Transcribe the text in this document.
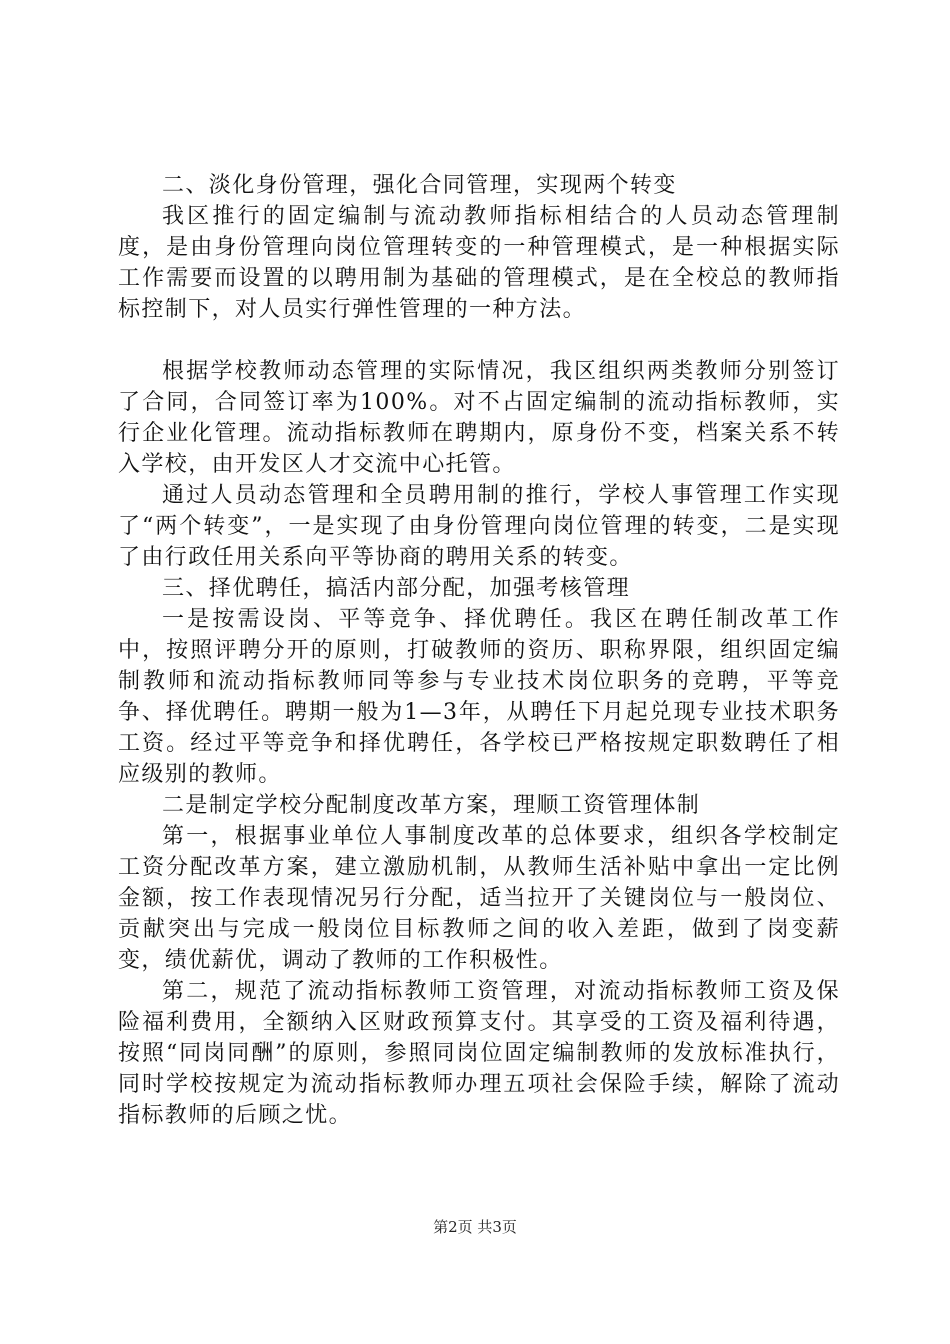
二、淡化身份管理，强化合同管理，实现两个转变

我区推行的固定编制与流动教师指标相结合的人员动态管理制度，是由身份管理向岗位管理转变的一种管理模式，是一种根据实际工作需要而设置的以聘用制为基础的管理模式，是在全校总的教师指标控制下，对人员实行弹性管理的一种方法。

根据学校教师动态管理的实际情况，我区组织两类教师分别签订了合同，合同签订率为100%。对不占固定编制的流动指标教师，实行企业化管理。流动指标教师在聘期内，原身份不变，档案关系不转入学校，由开发区人才交流中心托管。

通过人员动态管理和全员聘用制的推行，学校人事管理工作实现了“两个转变”，一是实现了由身份管理向岗位管理的转变，二是实现了由行政任用关系向平等协商的聘用关系的转变。

三、择优聘任，搞活内部分配，加强考核管理

一是按需设岗、平等竞争、择优聘任。我区在聘任制改革工作中，按照评聘分开的原则，打破教师的资历、职称界限，组织固定编制教师和流动指标教师同等参与专业技术岗位职务的竞聘，平等竞争、择优聘任。聘期一般为1—3年，从聘任下月起兑现专业技术职务工资。经过平等竞争和择优聘任，各学校已严格按规定职数聘任了相应级别的教师。

二是制定学校分配制度改革方案，理顺工资管理体制

第一，根据事业单位人事制度改革的总体要求，组织各学校制定工资分配改革方案，建立激励机制，从教师生活补贴中拿出一定比例金额，按工作表现情况另行分配，适当拉开了关键岗位与一般岗位、贡献突出与完成一般岗位目标教师之间的收入差距，做到了岗变薪变，绩优薪优，调动了教师的工作积极性。

第二，规范了流动指标教师工资管理，对流动指标教师工资及保险福利费用，全额纳入区财政预算支付。其享受的工资及福利待遇，按照“同岗同酬”的原则，参照同岗位固定编制教师的发放标准执行，同时学校按规定为流动指标教师办理五项社会保险手续，解除了流动指标教师的后顾之忧。

第2页 共3页
